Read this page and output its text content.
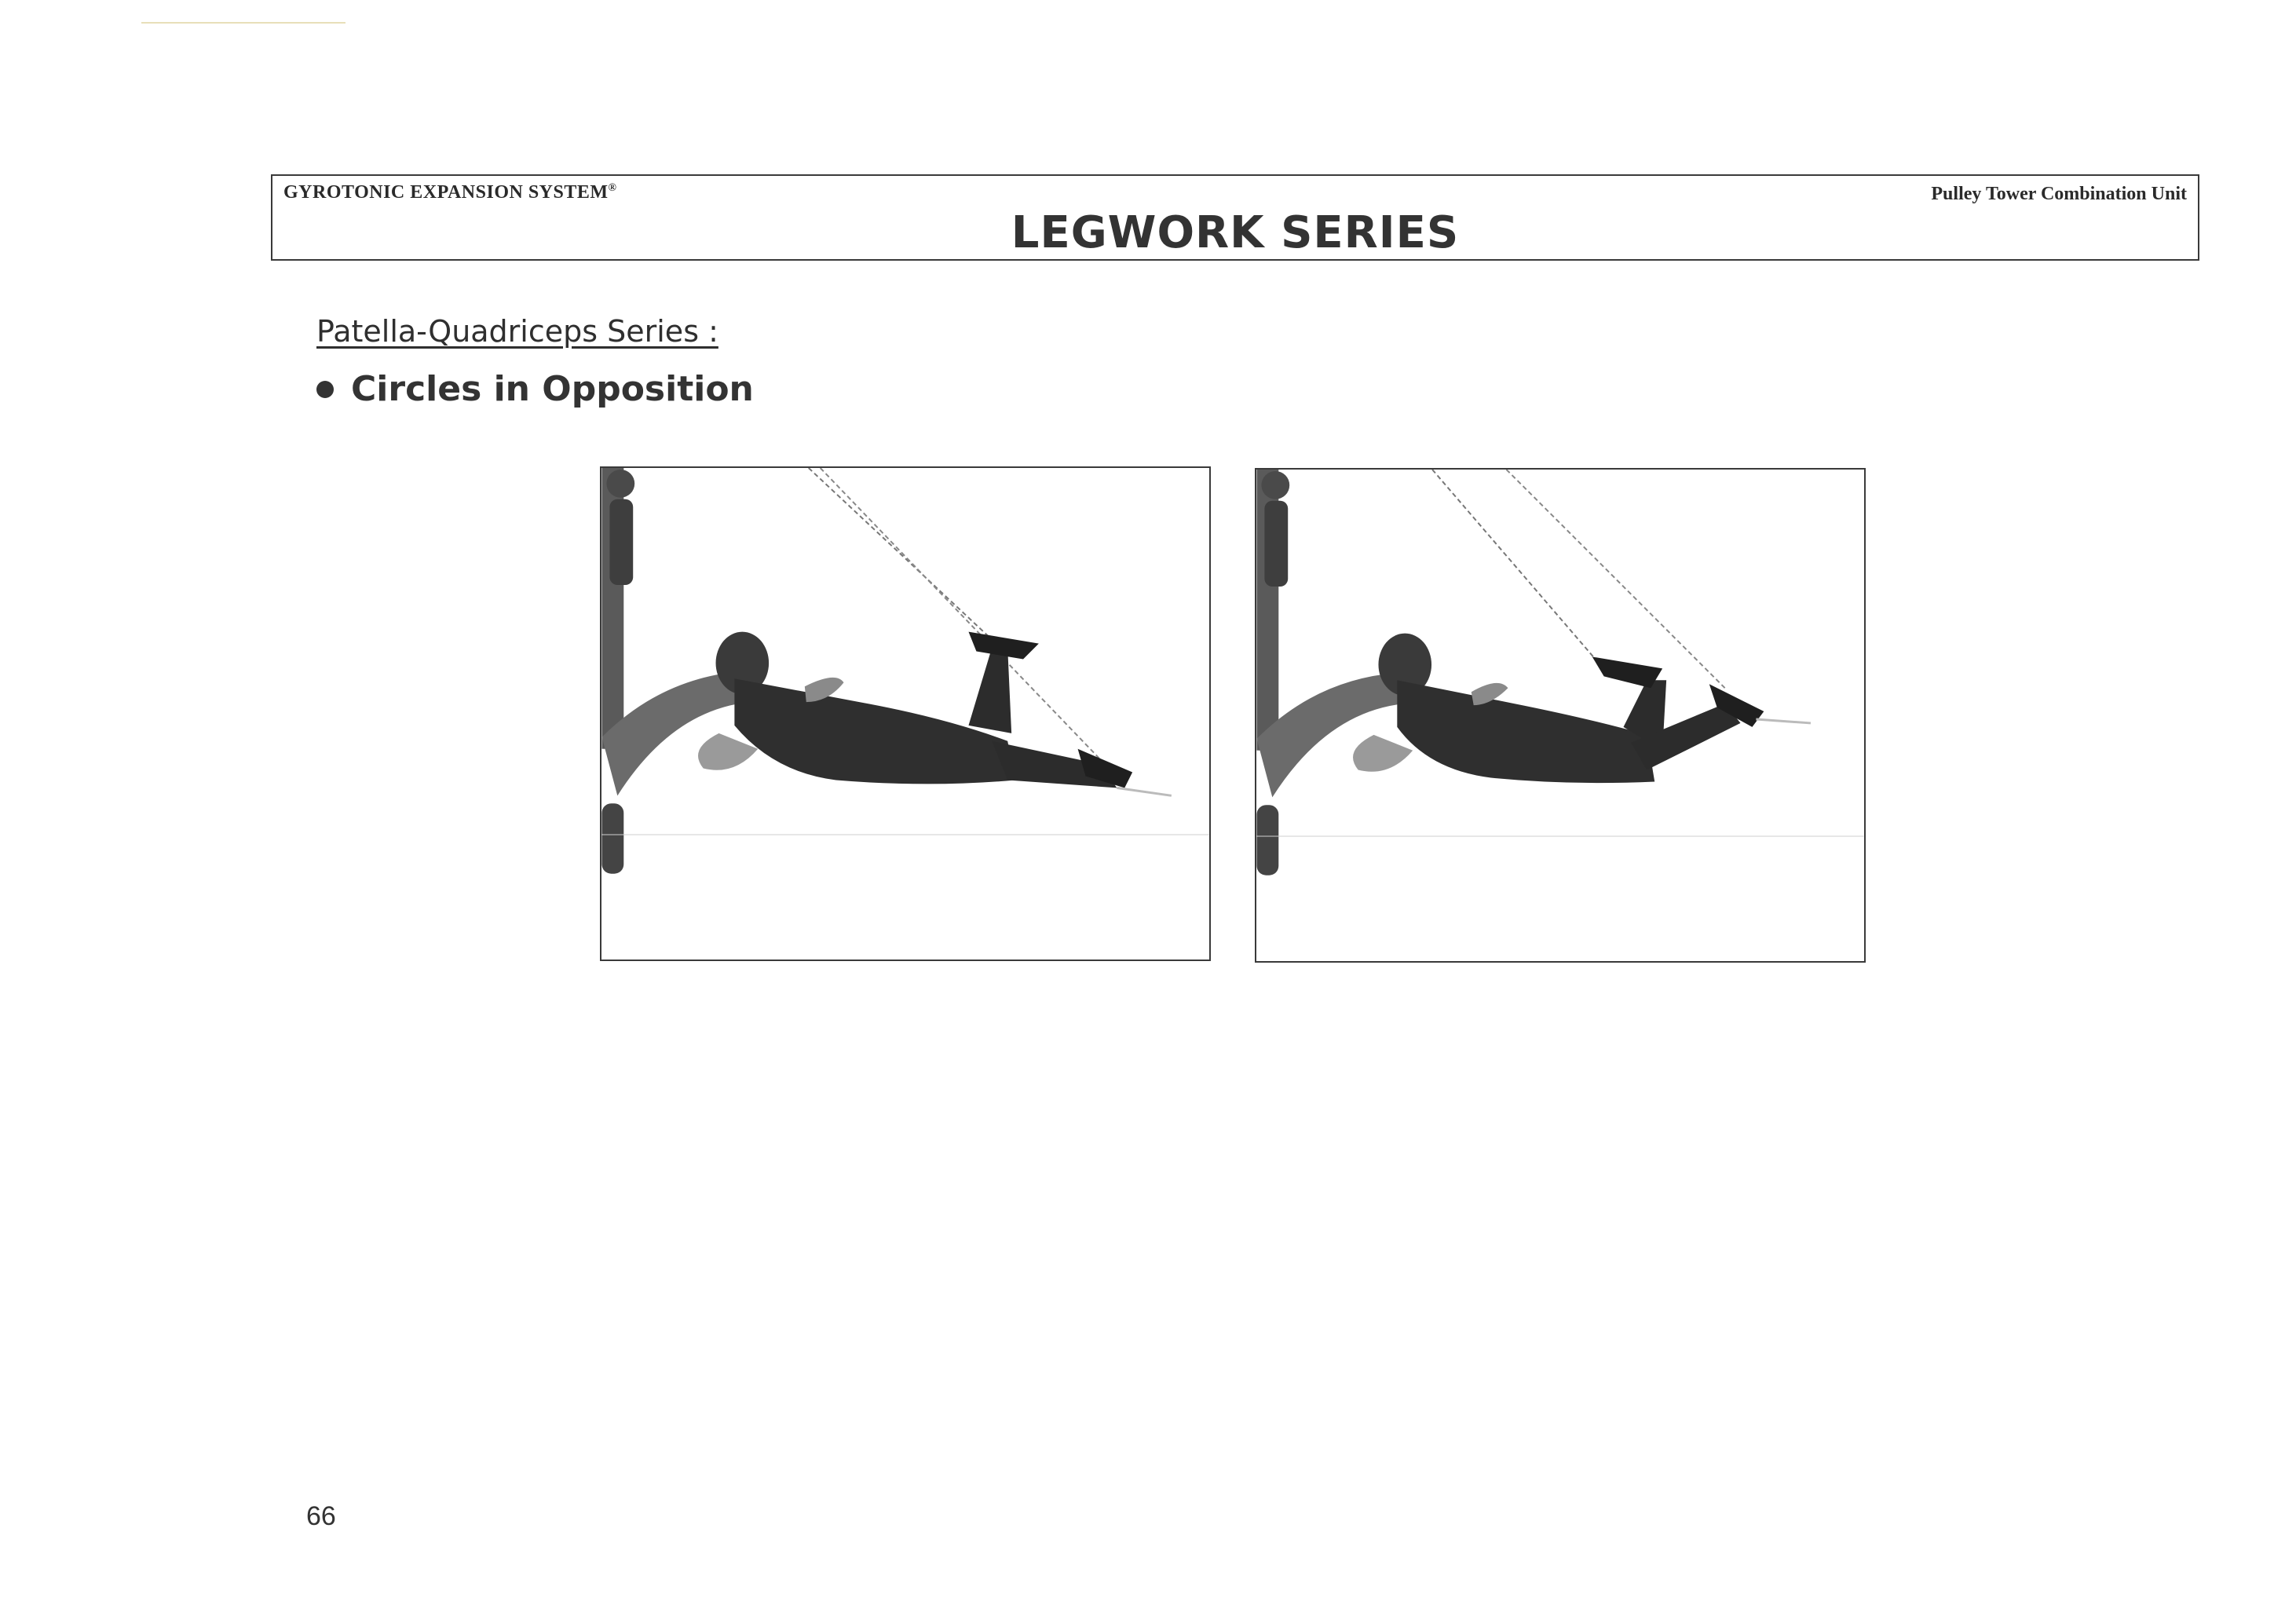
GYROTONIC EXPANSION SYSTEM®	Pulley Tower Combination Unit
LEGWORK SERIES
Patella-Quadriceps Series :
Circles in Opposition
66
